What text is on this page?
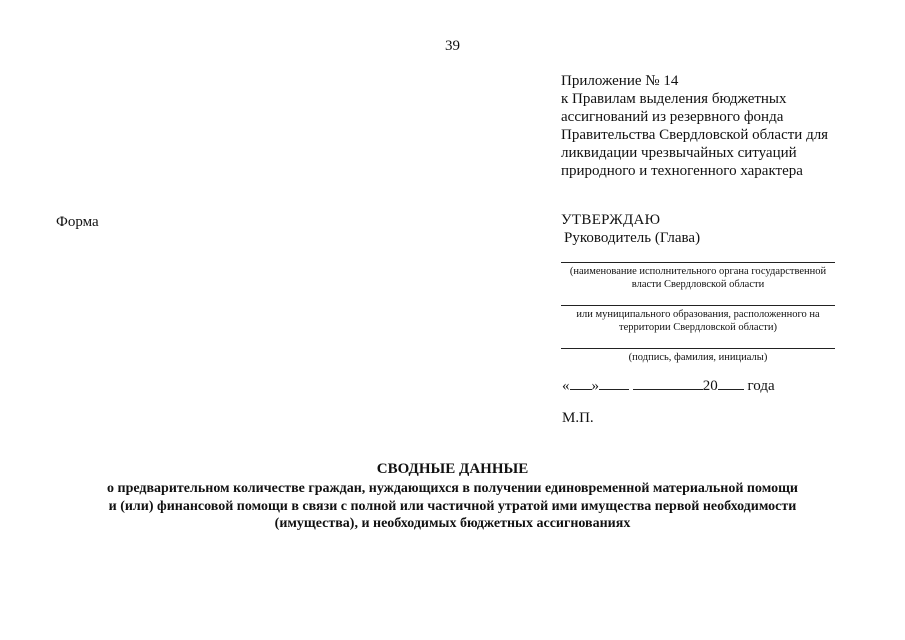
39
Приложение № 14
к Правилам выделения бюджетных
ассигнований из резервного фонда
Правительства Свердловской области для
ликвидации чрезвычайных ситуаций
природного и техногенного характера
Форма	УТВЕРЖДАЮ
Руководитель (Глава)
(наименование исполнительного органа государственной власти Свердловской области
или муниципального образования, расположенного на территории Свердловской области)
(подпись, фамилия, инициалы)
« »	20 года
М.П.
СВОДНЫЕ ДАННЫЕ
о предварительном количестве граждан, нуждающихся в получении единовременной материальной помощи
и (или) финансовой помощи в связи с полной или частичной утратой ими имущества первой необходимости
(имущества), и необходимых бюджетных ассигнованиях
